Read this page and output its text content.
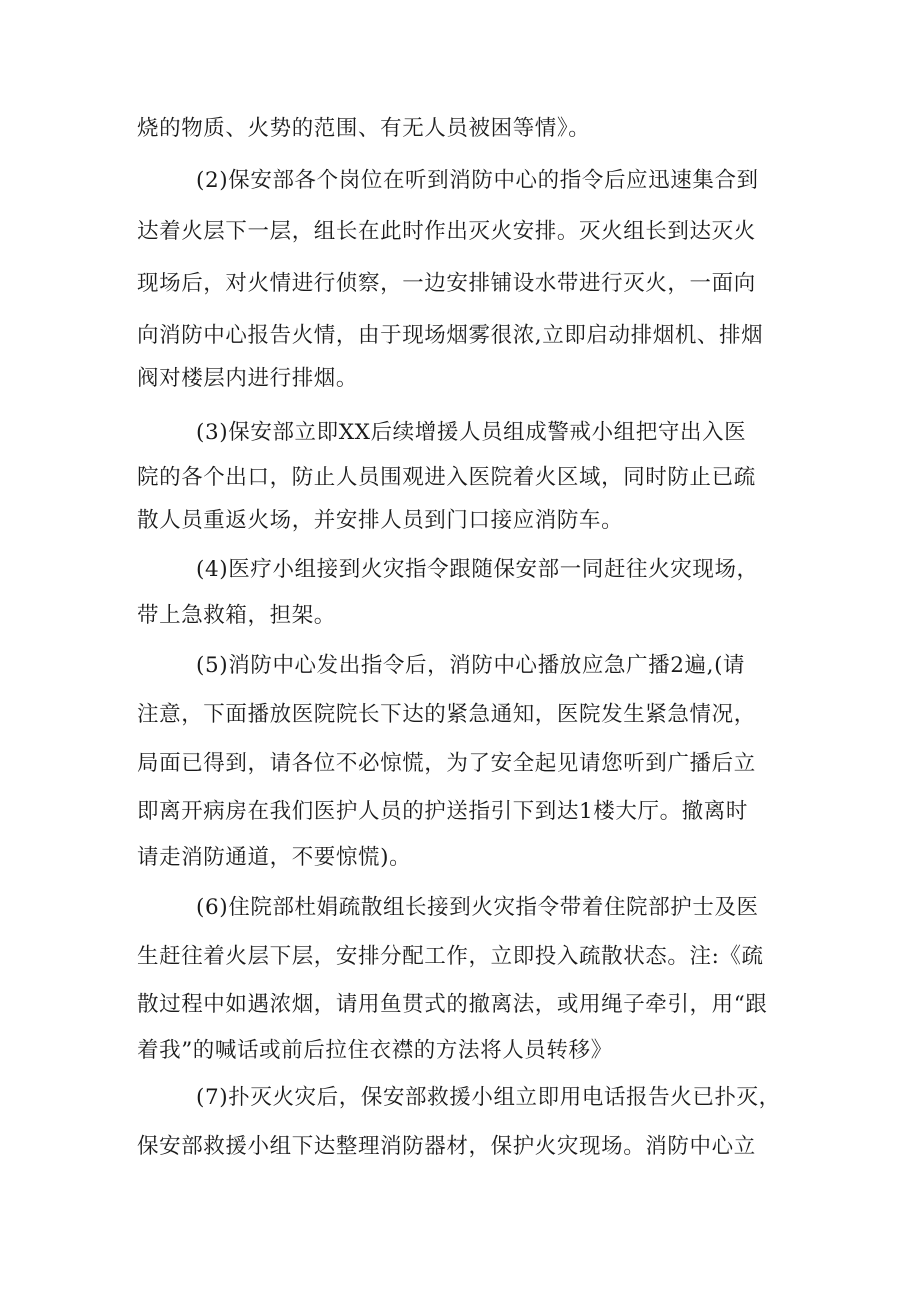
烧的物质、火势的范围、有无人员被困等情》。
(2)保安部各个岗位在听到消防中心的指令后应迅速集合到
达着火层下一层，组长在此时作出灭火安排。灭火组长到达灭火
现场后，对火情进行侦察，一边安排铺设水带进行灭火，一面向
向消防中心报告火情，由于现场烟雾很浓,立即启动排烟机、排烟
阀对楼层内进行排烟。
(3)保安部立即XX后续增援人员组成警戒小组把守出入医
院的各个出口，防止人员围观进入医院着火区域，同时防止已疏
散人员重返火场，并安排人员到门口接应消防车。
(4)医疗小组接到火灾指令跟随保安部一同赶往火灾现场，
带上急救箱，担架。
(5)消防中心发出指令后，消防中心播放应急广播2遍,(请
注意，下面播放医院院长下达的紧急通知，医院发生紧急情况，
局面已得到，请各位不必惊慌，为了安全起见请您听到广播后立
即离开病房在我们医护人员的护送指引下到达1楼大厅。撤离时
请走消防通道，不要惊慌)。
(6)住院部杜娟疏散组长接到火灾指令带着住院部护士及医
生赶往着火层下层，安排分配工作，立即投入疏散状态。注:《疏
散过程中如遇浓烟，请用鱼贯式的撤离法，或用绳子牵引，用“跟
着我”的喊话或前后拉住衣襟的方法将人员转移》
(7)扑灭火灾后，保安部救援小组立即用电话报告火已扑灭，
保安部救援小组下达整理消防器材，保护火灾现场。消防中心立
